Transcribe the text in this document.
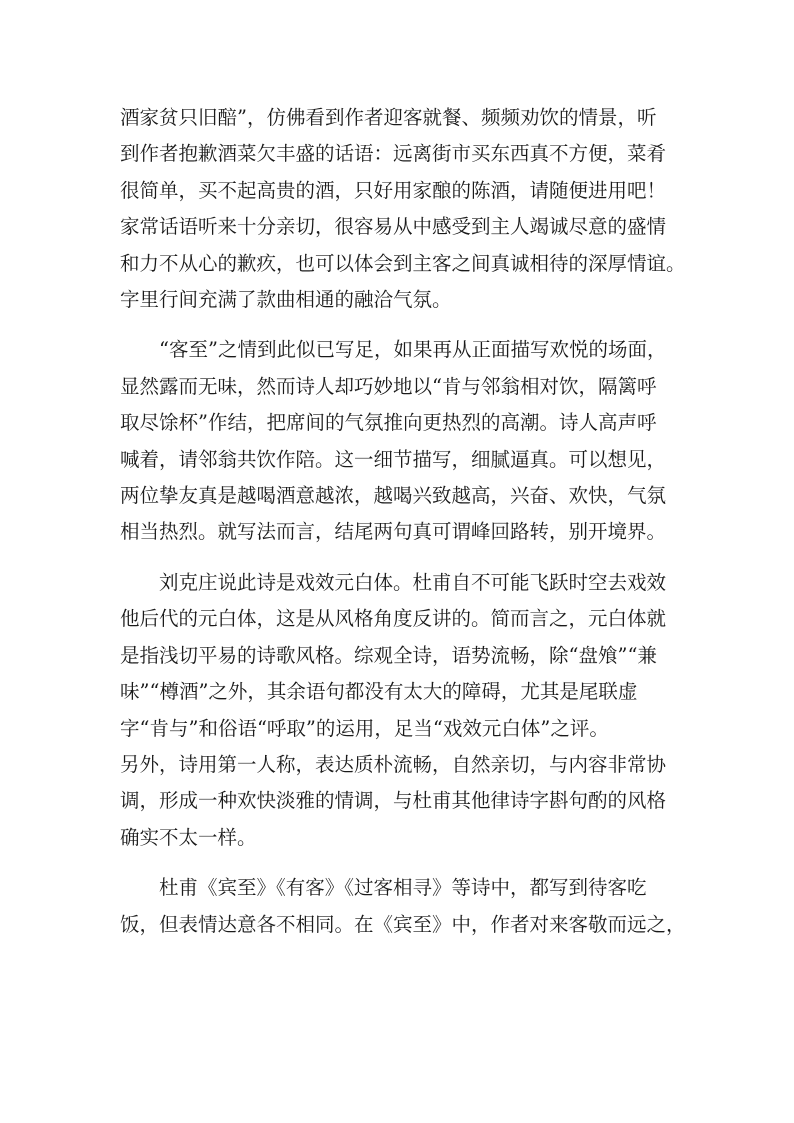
酒家贫只旧醅”，仿佛看到作者迎客就餐、频频劝饮的情景，听
到作者抱歉酒菜欠丰盛的话语：远离街市买东西真不方便，菜肴
很简单，买不起高贵的酒，只好用家酿的陈酒，请随便进用吧！
家常话语听来十分亲切，很容易从中感受到主人竭诚尽意的盛情
和力不从心的歉疚，也可以体会到主客之间真诚相待的深厚情谊。
字里行间充满了款曲相通的融洽气氛。

“客至”之情到此似已写足，如果再从正面描写欢悦的场面，
显然露而无味，然而诗人却巧妙地以“肯与邻翁相对饮，隔篱呼
取尽馀杯”作结，把席间的气氛推向更热烈的高潮。诗人高声呼
喊着，请邻翁共饮作陪。这一细节描写，细腻逼真。可以想见，
两位挚友真是越喝酒意越浓，越喝兴致越高，兴奋、欢快，气氛
相当热烈。就写法而言，结尾两句真可谓峰回路转，别开境界。

刘克庄说此诗是戏效元白体。杜甫自不可能飞跃时空去戏效
他后代的元白体，这是从风格角度反讲的。简而言之，元白体就
是指浅切平易的诗歌风格。综观全诗，语势流畅，除“盘飧”“兼
味”“樽酒”之外，其余语句都没有太大的障碍，尤其是尾联虚
字“肯与”和俗语“呼取”的运用，足当“戏效元白体”之评。
另外，诗用第一人称，表达质朴流畅，自然亲切，与内容非常协
调，形成一种欢快淡雅的情调，与杜甫其他律诗字斟句酌的风格
确实不太一样。

杜甫《宾至》《有客》《过客相寻》等诗中，都写到待客吃
饭，但表情达意各不相同。在《宾至》中，作者对来客敬而远之，
